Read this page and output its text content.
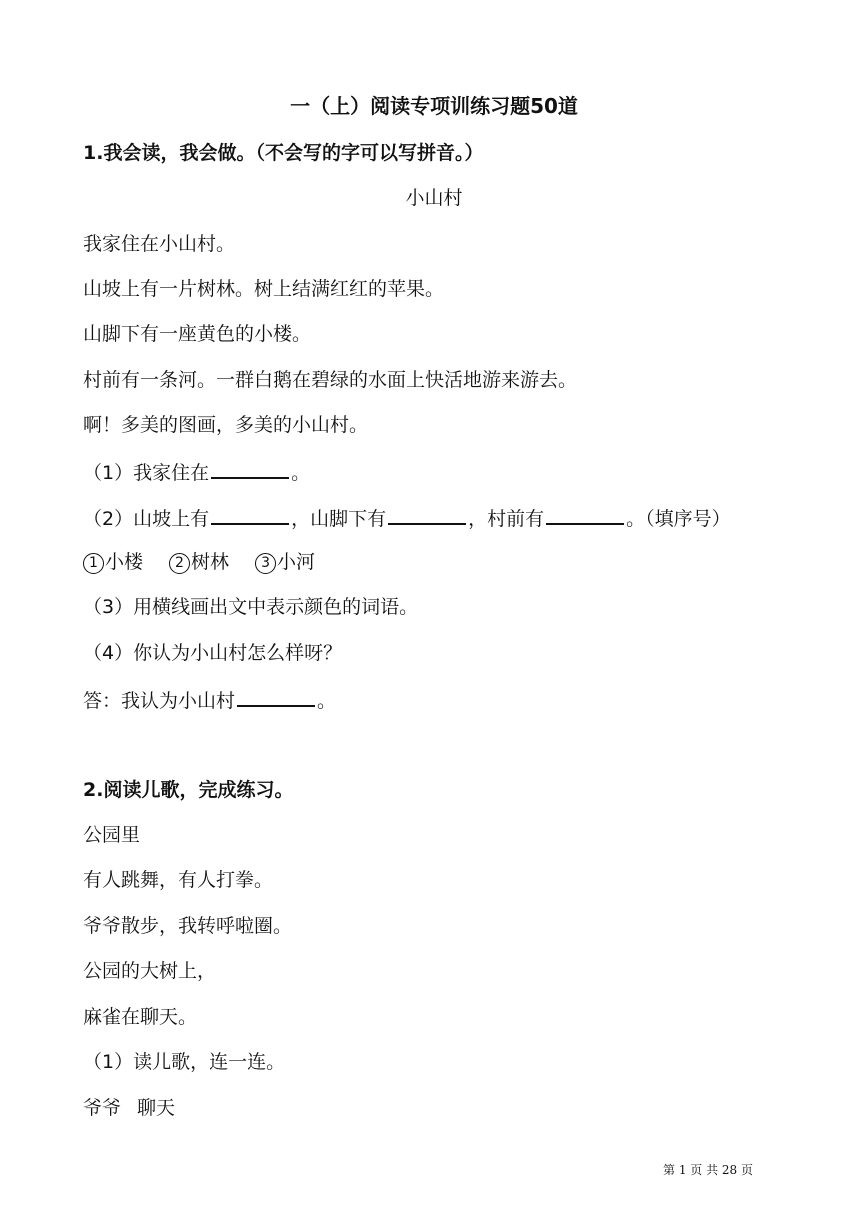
一（上）阅读专项训练习题50道
1.我会读，我会做。（不会写的字可以写拼音。）
小山村
我家住在小山村。
山坡上有一片树林。树上结满红红的苹果。
山脚下有一座黄色的小楼。
村前有一条河。一群白鹅在碧绿的水面上快活地游来游去。
啊！多美的图画，多美的小山村。
（1）我家住在	。
（2）山坡上有	，山脚下有	，村前有	。（填序号）
1 小楼 2 树林 3 小河
（3）用横线画出文中表示颜色的词语。
（4）你认为小山村怎么样呀？
答：我认为小山村	。
2.阅读儿歌，完成练习。
公园里
有人跳舞，有人打拳。
爷爷散步，我转呼啦圈。
公园的大树上，
麻雀在聊天。
（1）读儿歌，连一连。
爷爷 聊天
第 1 页 共 28 页
